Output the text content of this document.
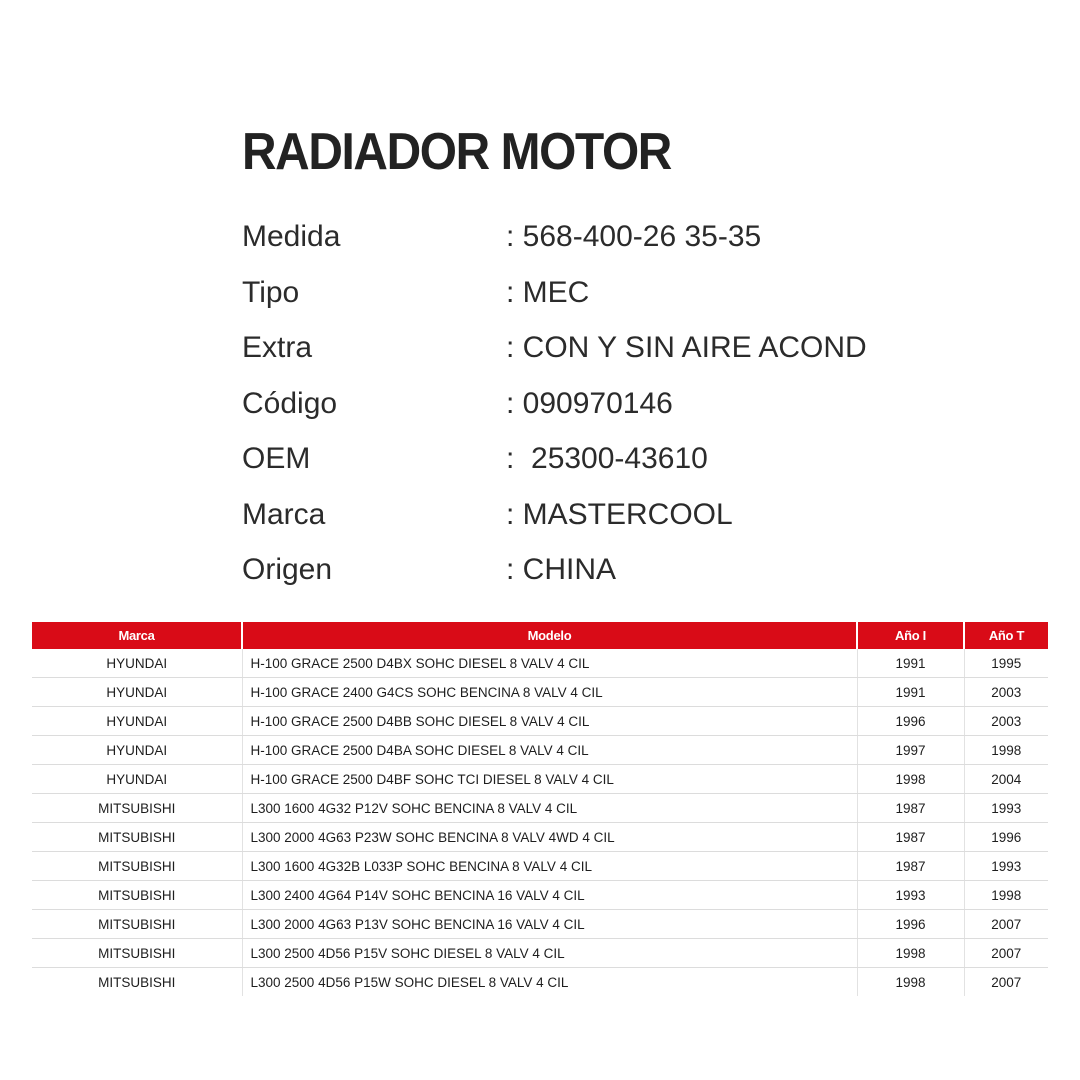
RADIADOR MOTOR
Medida	: 568-400-26 35-35
Tipo	: MEC
Extra	: CON Y SIN AIRE ACOND
Código	: 090970146
OEM	:  25300-43610
Marca	: MASTERCOOL
Origen	: CHINA
Marca	Modelo	Año I	Año T
HYUNDAI	H-100 GRACE 2500 D4BX SOHC DIESEL 8 VALV 4 CIL	1991	1995
HYUNDAI	H-100 GRACE 2400 G4CS SOHC BENCINA 8 VALV 4 CIL	1991	2003
HYUNDAI	H-100 GRACE 2500 D4BB SOHC DIESEL 8 VALV 4 CIL	1996	2003
HYUNDAI	H-100 GRACE 2500 D4BA SOHC DIESEL 8 VALV 4 CIL	1997	1998
HYUNDAI	H-100 GRACE 2500 D4BF SOHC TCI DIESEL 8 VALV 4 CIL	1998	2004
MITSUBISHI	L300 1600 4G32 P12V SOHC BENCINA 8 VALV 4 CIL	1987	1993
MITSUBISHI	L300 2000 4G63 P23W SOHC BENCINA 8 VALV 4WD 4 CIL	1987	1996
MITSUBISHI	L300 1600 4G32B L033P SOHC BENCINA 8 VALV 4 CIL	1987	1993
MITSUBISHI	L300 2400 4G64 P14V SOHC BENCINA 16 VALV 4 CIL	1993	1998
MITSUBISHI	L300 2000 4G63 P13V SOHC BENCINA 16 VALV 4 CIL	1996	2007
MITSUBISHI	L300 2500 4D56 P15V SOHC DIESEL 8 VALV 4 CIL	1998	2007
MITSUBISHI	L300 2500 4D56 P15W SOHC DIESEL 8 VALV 4 CIL	1998	2007
